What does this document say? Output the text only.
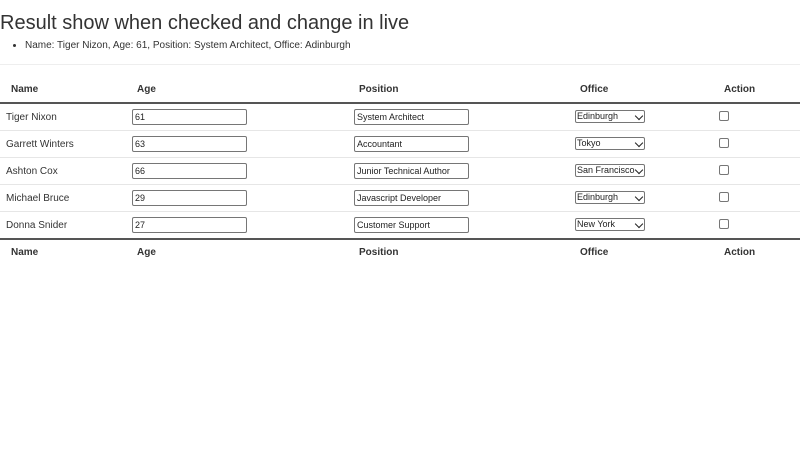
Result show when checked and change in live
• Name: Tiger Nizon, Age: 61, Position: System Architect, Office: Adinburgh
Name	Age	Position	Office	Action
Tiger Nixon	61	System Architect	Edinburgh

Garrett Winters	63	Accountant	Tokyo

Ashton Cox	66	Junior Technical Author	San Francisco

Michael Bruce	29	Javascript Developer	Edinburgh

Donna Snider	27	Customer Support	New York

Name	Age	Position	Office	Action
